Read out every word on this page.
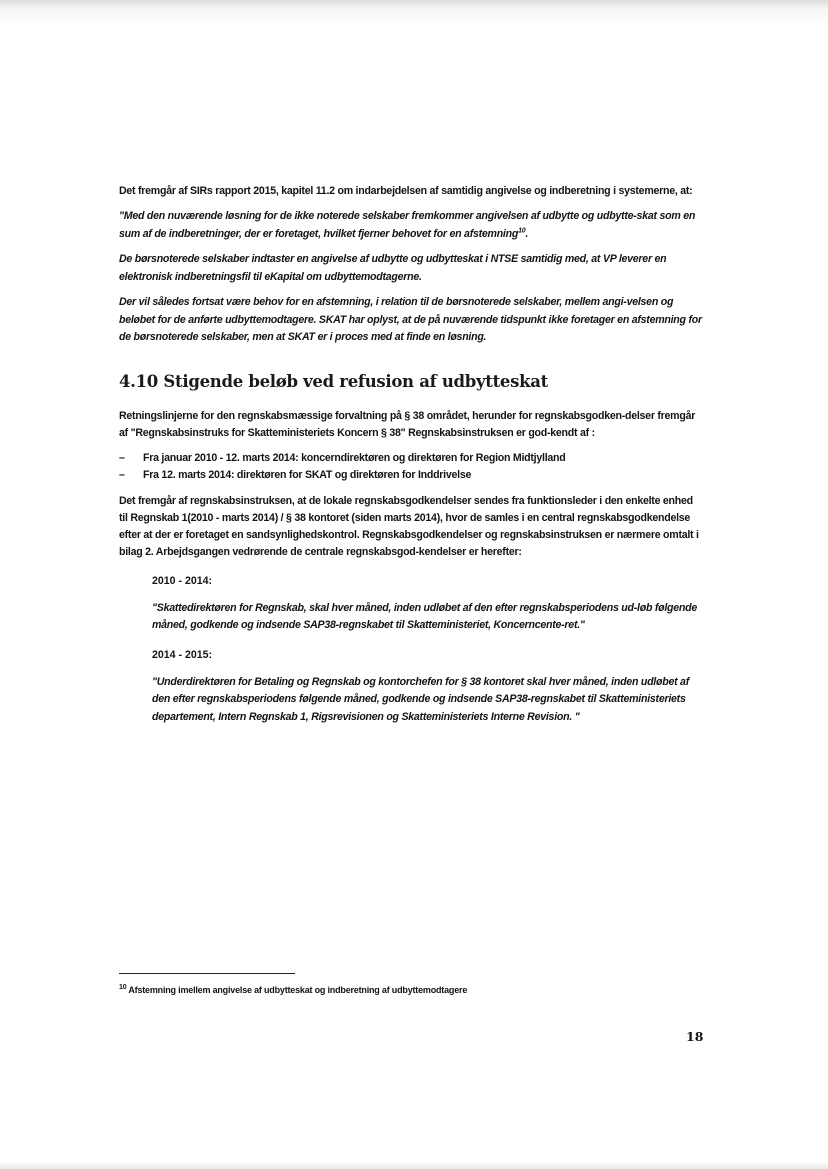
Det fremgår af SIRs rapport 2015, kapitel 11.2 om indarbejdelsen af samtidig angivelse og indberetning i systemerne, at:

"Med den nuværende løsning for de ikke noterede selskaber fremkommer angivelsen af udbytte og udbytte-skat som en sum af de indberetninger, der er foretaget, hvilket fjerner behovet for en afstemning$^{10}$.

De børsnoterede selskaber indtaster en angivelse af udbytte og udbytteskat i NTSE samtidig med, at VP leverer en elektronisk indberetningsfil til eKapital om udbyttemodtagerne.

Der vil således fortsat være behov for en afstemning, i relation til de børsnoterede selskaber, mellem angi-velsen og beløbet for de anførte udbyttemodtagere. SKAT har oplyst, at de på nuværende tidspunkt ikke foretager en afstemning for de børsnoterede selskaber, men at SKAT er i proces med at finde en løsning.

4.10 Stigende beløb ved refusion af udbytteskat

Retningslinjerne for den regnskabsmæssige forvaltning på § 38 området, herunder for regnskabsgodken-delser fremgår af "Regnskabsinstruks for Skatteministeriets Koncern § 38" Regnskabsinstruksen er god-kendt af :

– Fra januar 2010 - 12. marts 2014: koncerndirektøren og direktøren for Region Midtjylland
– Fra 12. marts 2014: direktøren for SKAT og direktøren for Inddrivelse

Det fremgår af regnskabsinstruksen, at de lokale regnskabsgodkendelser sendes fra funktionsleder i den enkelte enhed til Regnskab 1(2010 - marts 2014) / § 38 kontoret (siden marts 2014), hvor de samles i en central regnskabsgodkendelse efter at der er foretaget en sandsynlighedskontrol. Regnskabsgodkendelser og regnskabsinstruksen er nærmere omtalt i bilag 2. Arbejdsgangen vedrørende de centrale regnskabsgod-kendelser er herefter:

2010 - 2014:

"Skattedirektøren for Regnskab, skal hver måned, inden udløbet af den efter regnskabsperiodens ud-løb følgende måned, godkende og indsende SAP38-regnskabet til Skatteministeriet, Koncerncente-ret."

2014 - 2015:

"Underdirektøren for Betaling og Regnskab og kontorchefen for § 38 kontoret skal hver måned, inden udløbet af den efter regnskabsperiodens følgende måned, godkende og indsende SAP38-regnskabet til Skatteministeriets departement, Intern Regnskab 1, Rigsrevisionen og Skatteministeriets Interne Revision. "

$^{10}$ Afstemning imellem angivelse af udbytteskat og indberetning af udbyttemodtagere
18
